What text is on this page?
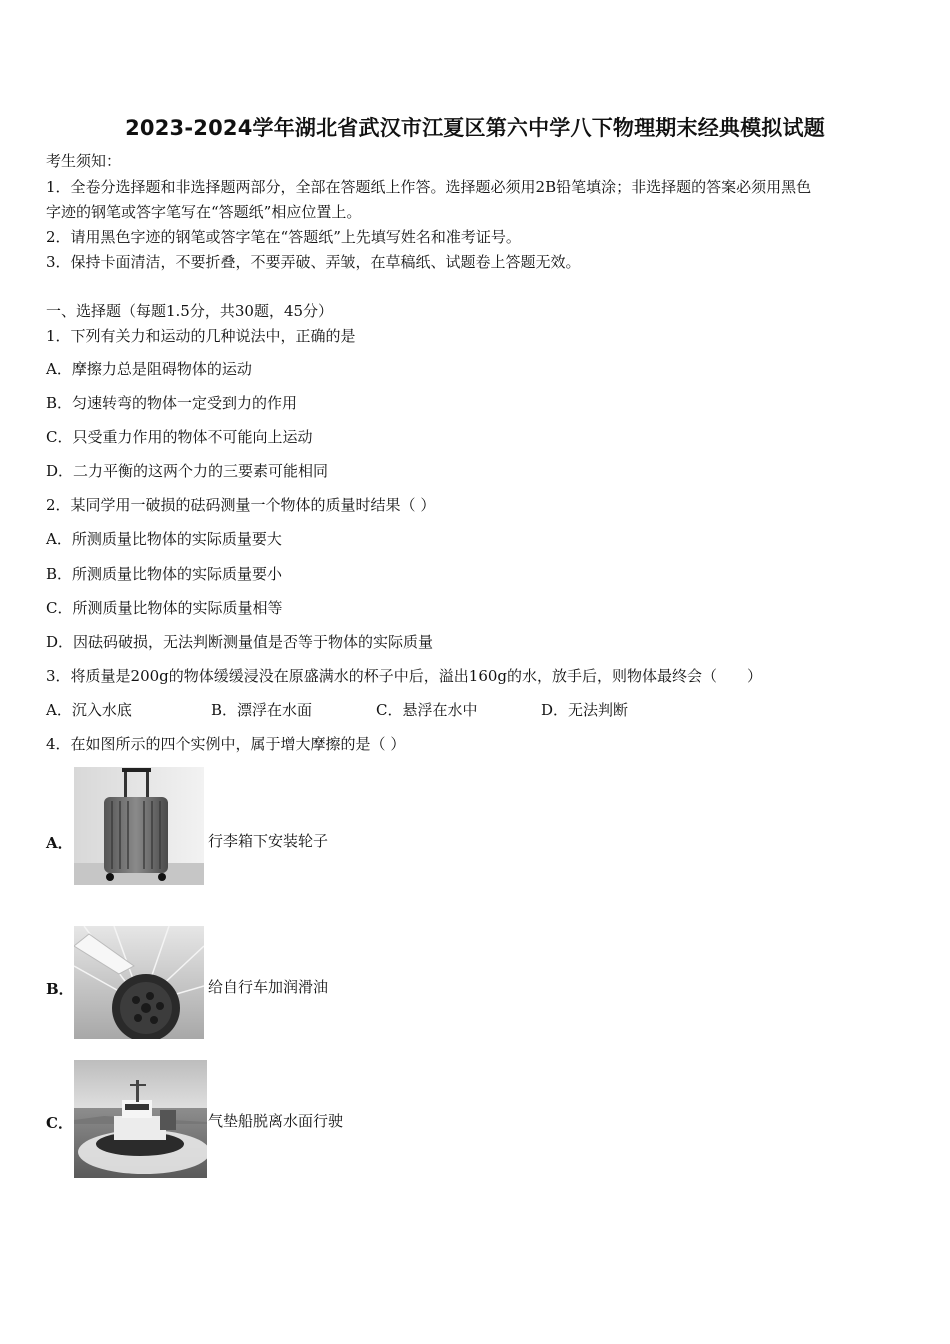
2023-2024学年湖北省武汉市江夏区第六中学八下物理期末经典模拟试题
考生须知：
1．全卷分选择题和非选择题两部分，全部在答题纸上作答。选择题必须用2B铅笔填涂；非选择题的答案必须用黑色
字迹的钢笔或答字笔写在“答题纸”相应位置上。
2．请用黑色字迹的钢笔或答字笔在“答题纸”上先填写姓名和准考证号。
3．保持卡面清洁，不要折叠，不要弄破、弄皱，在草稿纸、试题卷上答题无效。
一、选择题（每题1.5分，共30题，45分）
1．下列有关力和运动的几种说法中，正确的是
A．摩擦力总是阻碍物体的运动
B．匀速转弯的物体一定受到力的作用
C．只受重力作用的物体不可能向上运动
D．二力平衡的这两个力的三要素可能相同
2．某同学用一破损的砝码测量一个物体的质量时结果（ ）
A．所测质量比物体的实际质量要大
B．所测质量比物体的实际质量要小
C．所测质量比物体的实际质量相等
D．因砝码破损，无法判断测量值是否等于物体的实际质量
3．将质量是200g的物体缓缓浸没在原盛满水的杯子中后，溢出160g的水，放手后，则物体最终会（　　）
A．沉入水底	B．漂浮在水面	C．悬浮在水中	D．无法判断
4．在如图所示的四个实例中，属于增大摩擦的是（ ）
A．	行李箱下安装轮子
B．	给自行车加润滑油
C．	气垫船脱离水面行驶
